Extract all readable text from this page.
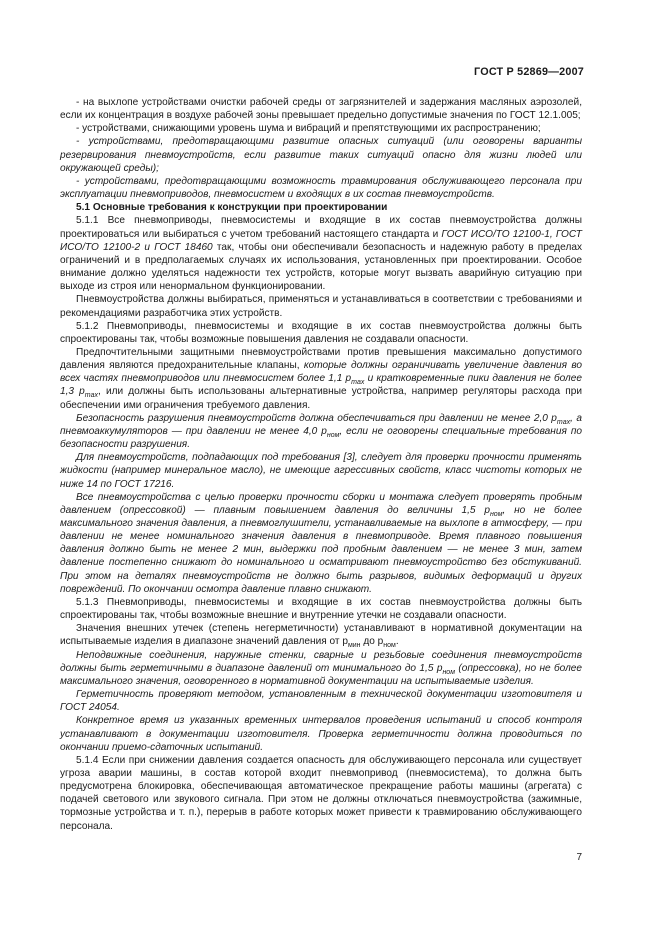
ГОСТ Р 52869—2007

- на выхлопе устройствами очистки рабочей среды от загрязнителей и задержания масляных аэрозолей, если их концентрация в воздухе рабочей зоны превышает предельно допустимые значения по ГОСТ 12.1.005;

- устройствами, снижающими уровень шума и вибраций и препятствующими их распространению;

- устройствами, предотвращающими развитие опасных ситуаций (или оговорены варианты резервирования пневмоустройств, если развитие таких ситуаций опасно для жизни людей или окружающей среды);

- устройствами, предотвращающими возможность травмирования обслуживающего персонала при эксплуатации пневмоприводов, пневмосистем и входящих в их состав пневмоустройств.

5.1 Основные требования к конструкции при проектировании

5.1.1 Все пневмоприводы, пневмосистемы и входящие в их состав пневмоустройства должны проектироваться или выбираться с учетом требований настоящего стандарта и ГОСТ ИСО/ТО 12100-1, ГОСТ ИСО/ТО 12100-2 и ГОСТ 18460 так, чтобы они обеспечивали безопасность и надежную работу в пределах ограничений и в предполагаемых случаях их использования, установленных при проектировании. Особое внимание должно уделяться надежности тех устройств, которые могут вызвать аварийную ситуацию при выходе из строя или ненормальном функционировании.

Пневмоустройства должны выбираться, применяться и устанавливаться в соответствии с требованиями и рекомендациями разработчика этих устройств.

5.1.2 Пневмоприводы, пневмосистемы и входящие в их состав пневмоустройства должны быть спроектированы так, чтобы возможные повышения давления не создавали опасности.

Предпочтительными защитными пневмоустройствами против превышения максимально допустимого давления являются предохранительные клапаны, которые должны ограничивать увеличение давления во всех частях пневмоприводов или пневмосистем более 1,1 $p_{max}$ и кратковременные пики давления не более 1,3 $p_{max}$, или должны быть использованы альтернативные устройства, например регуляторы расхода при обеспечении ими ограничения требуемого давления.

Безопасность разрушения пневмоустройств должна обеспечиваться при давлении не менее 2,0 $p_{max}$, а пневмоаккумуляторов — при давлении не менее 4,0 $p_{ном}$, если не оговорены специальные требования по безопасности разрушения.

Для пневмоустройств, подпадающих под требования [3], следует для проверки прочности применять жидкости (например минеральное масло), не имеющие агрессивных свойств, класс чистоты которых не ниже 14 по ГОСТ 17216.

Все пневмоустройства с целью проверки прочности сборки и монтажа следует проверять пробным давлением (опрессовкой) — плавным повышением давления до величины 1,5 $p_{ном}$, но не более максимального значения давления, а пневмоглушители, устанавливаемые на выхлопе в атмосферу, — при давлении не менее номинального значения давления в пневмоприводе. Время плавного повышения давления должно быть не менее 2 мин, выдержки под пробным давлением — не менее 3 мин, затем давление постепенно снижают до номинального и осматривают пневмоустройство без обстукиваний. При этом на деталях пневмоустройств не должно быть разрывов, видимых деформаций и других повреждений. По окончании осмотра давление плавно снижают.

5.1.3 Пневмоприводы, пневмосистемы и входящие в их состав пневмоустройства должны быть спроектированы так, чтобы возможные внешние и внутренние утечки не создавали опасности.

Значения внешних утечек (степень негерметичности) устанавливают в нормативной документации на испытываемые изделия в диапазоне значений давления от $p_{мин}$ до $p_{ном}$.

Неподвижные соединения, наружные стенки, сварные и резьбовые соединения пневмоустройств должны быть герметичными в диапазоне давлений от минимального до 1,5 $p_{ном}$ (опрессовка), но не более максимального значения, оговоренного в нормативной документации на испытываемые изделия.

Герметичность проверяют методом, установленным в технической документации изготовителя и ГОСТ 24054.

Конкретное время из указанных временных интервалов проведения испытаний и способ контроля устанавливают в документации изготовителя. Проверка герметичности должна проводиться по окончании приемо-сдаточных испытаний.

5.1.4 Если при снижении давления создается опасность для обслуживающего персонала или существует угроза аварии машины, в состав которой входит пневмопривод (пневмосистема), то должна быть предусмотрена блокировка, обеспечивающая автоматическое прекращение работы машины (агрегата) с подачей светового или звукового сигнала. При этом не должны отключаться пневмоустройства (зажимные, тормозные устройства и т. п.), перерыв в работе которых может привести к травмированию обслуживающего персонала.

7
